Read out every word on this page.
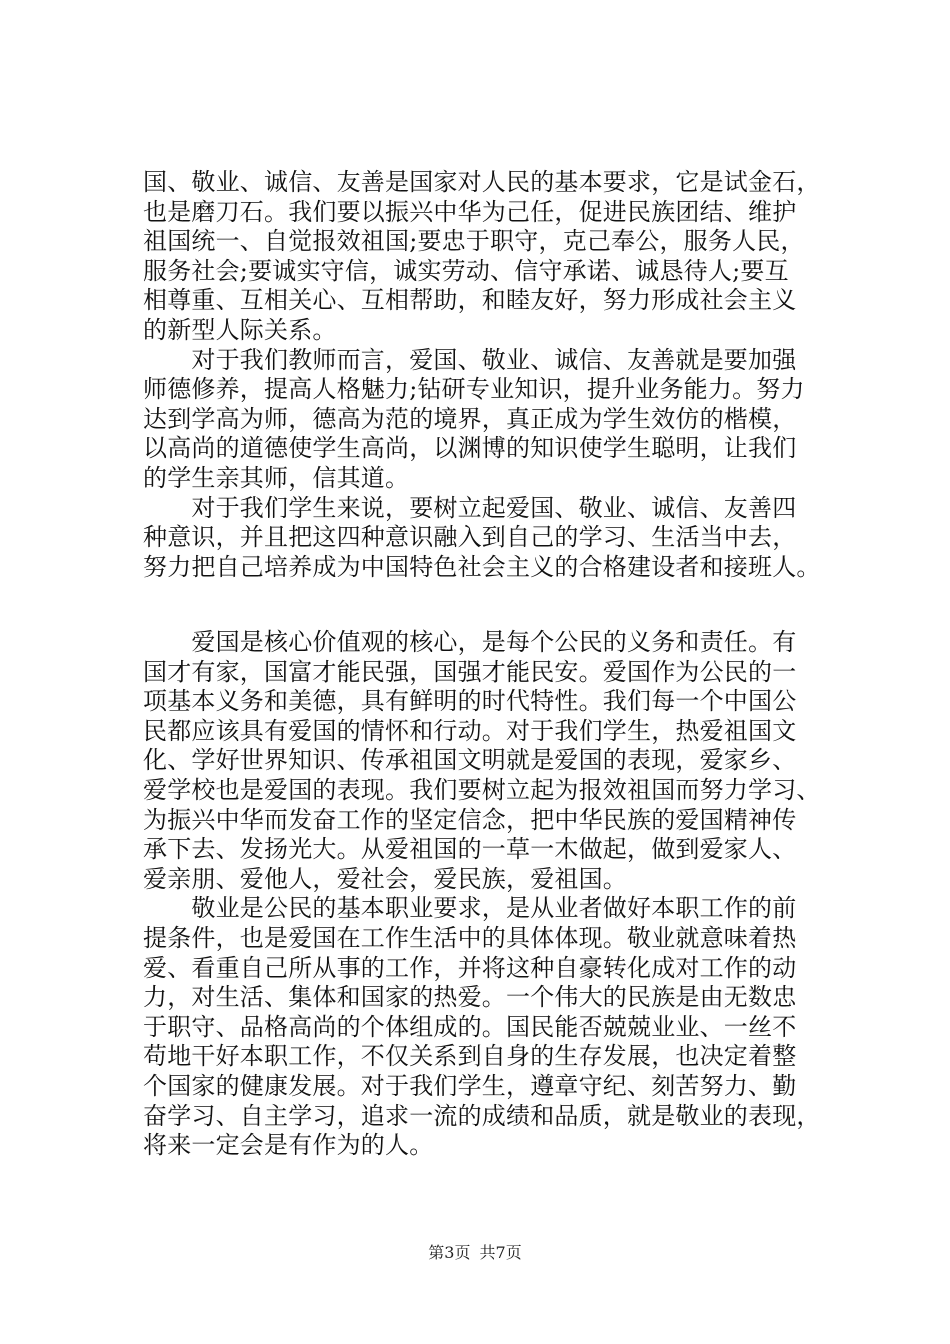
国、敬业、诚信、友善是国家对人民的基本要求，它是试金石，
也是磨刀石。我们要以振兴中华为己任，促进民族团结、维护
祖国统一、自觉报效祖国;要忠于职守，克己奉公，服务人民，
服务社会;要诚实守信，诚实劳动、信守承诺、诚恳待人;要互
相尊重、互相关心、互相帮助，和睦友好，努力形成社会主义
的新型人际关系。
　　对于我们教师而言，爱国、敬业、诚信、友善就是要加强
师德修养，提高人格魅力;钻研专业知识，提升业务能力。努力
达到学高为师，德高为范的境界，真正成为学生效仿的楷模，
以高尚的道德使学生高尚，以渊博的知识使学生聪明，让我们
的学生亲其师，信其道。
　　对于我们学生来说，要树立起爱国、敬业、诚信、友善四
种意识，并且把这四种意识融入到自己的学习、生活当中去，
努力把自己培养成为中国特色社会主义的合格建设者和接班人。
　　爱国是核心价值观的核心，是每个公民的义务和责任。有
国才有家，国富才能民强，国强才能民安。爱国作为公民的一
项基本义务和美德，具有鲜明的时代特性。我们每一个中国公
民都应该具有爱国的情怀和行动。对于我们学生，热爱祖国文
化、学好世界知识、传承祖国文明就是爱国的表现，爱家乡、
爱学校也是爱国的表现。我们要树立起为报效祖国而努力学习、
为振兴中华而发奋工作的坚定信念，把中华民族的爱国精神传
承下去、发扬光大。从爱祖国的一草一木做起，做到爱家人、
爱亲朋、爱他人，爱社会，爱民族，爱祖国。
　　敬业是公民的基本职业要求，是从业者做好本职工作的前
提条件，也是爱国在工作生活中的具体体现。敬业就意味着热
爱、看重自己所从事的工作，并将这种自豪转化成对工作的动
力，对生活、集体和国家的热爱。一个伟大的民族是由无数忠
于职守、品格高尚的个体组成的。国民能否兢兢业业、一丝不
苟地干好本职工作，不仅关系到自身的生存发展，也决定着整
个国家的健康发展。对于我们学生，遵章守纪、刻苦努力、勤
奋学习、自主学习，追求一流的成绩和品质，就是敬业的表现，
将来一定会是有作为的人。
第3页 共7页
